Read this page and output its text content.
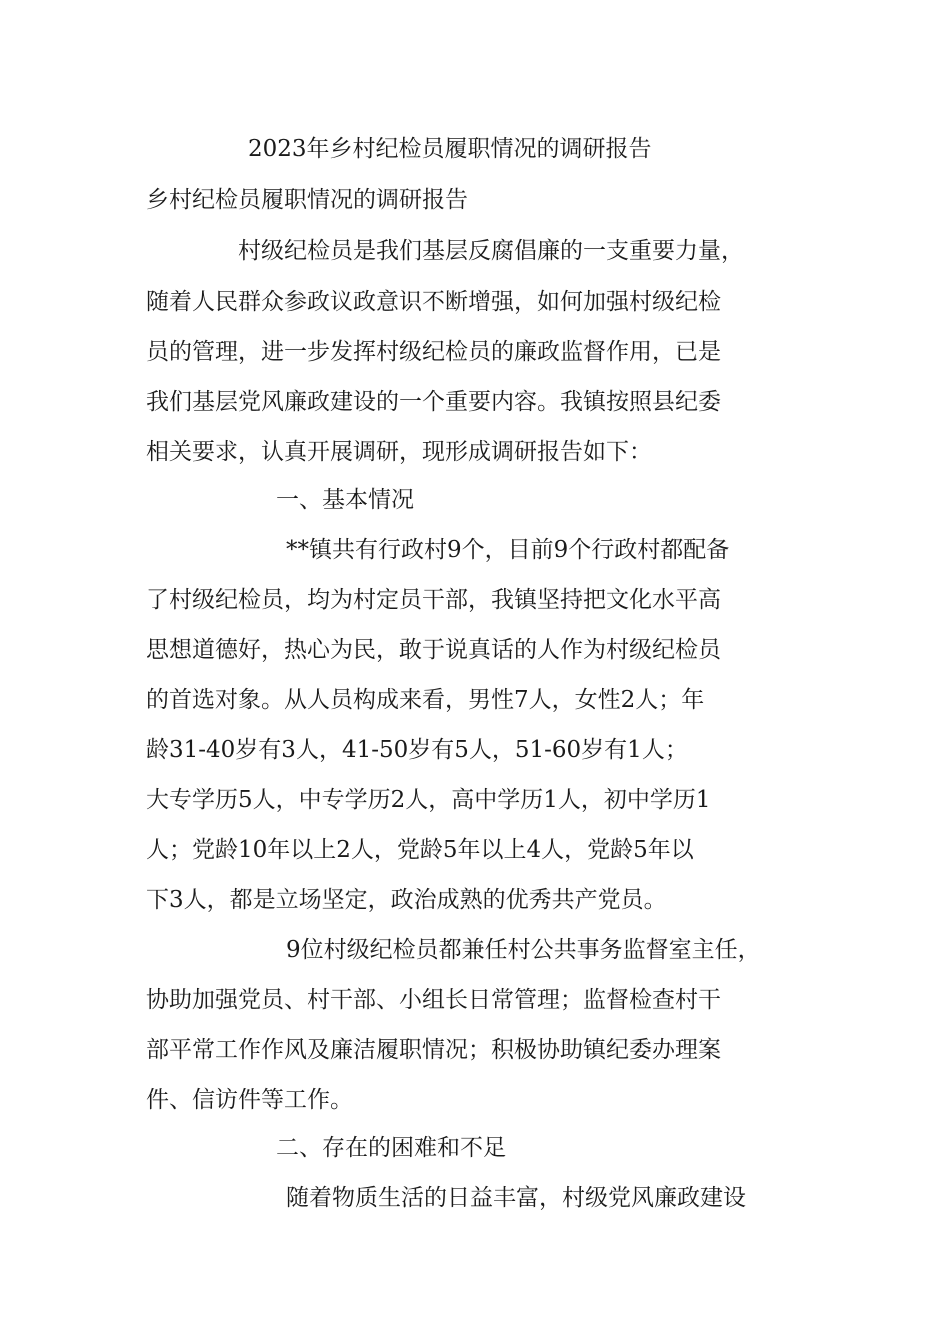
2023年乡村纪检员履职情况的调研报告
乡村纪检员履职情况的调研报告
村级纪检员是我们基层反腐倡廉的一支重要力量，
随着人民群众参政议政意识不断增强，如何加强村级纪检
员的管理，进一步发挥村级纪检员的廉政监督作用，已是
我们基层党风廉政建设的一个重要内容。我镇按照县纪委
相关要求，认真开展调研，现形成调研报告如下：
一、基本情况
**镇共有行政村9个，目前9个行政村都配备
了村级纪检员，均为村定员干部，我镇坚持把文化水平高
思想道德好，热心为民，敢于说真话的人作为村级纪检员
的首选对象。从人员构成来看，男性7人，女性2人；年
龄31-40岁有3人，41-50岁有5人，51-60岁有1人；
大专学历5人，中专学历2人，高中学历1人，初中学历1
人；党龄10年以上2人，党龄5年以上4人，党龄5年以
下3人，都是立场坚定，政治成熟的优秀共产党员。
9位村级纪检员都兼任村公共事务监督室主任，
协助加强党员、村干部、小组长日常管理；监督检查村干
部平常工作作风及廉洁履职情况；积极协助镇纪委办理案
件、信访件等工作。
二、存在的困难和不足
随着物质生活的日益丰富，村级党风廉政建设
